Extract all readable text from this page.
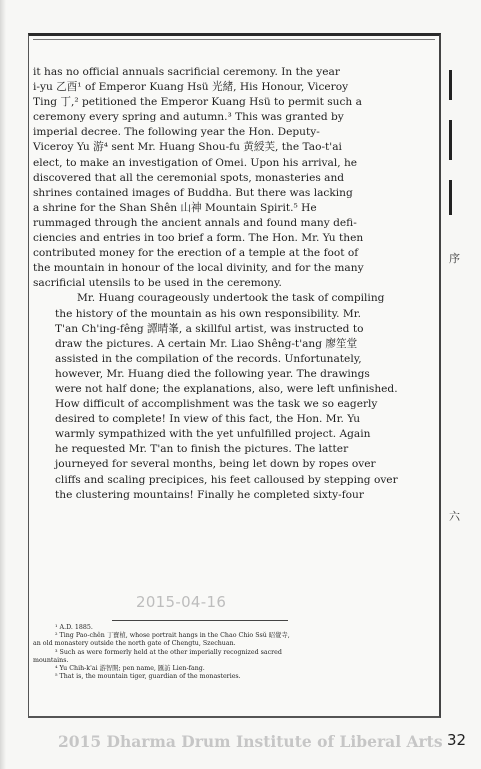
it has no official annuals sacrificial ceremony. In the year
i-yu 乙酉¹ of Emperor Kuang Hsü 光緒, His Honour, Viceroy
Ting 丁,² petitioned the Emperor Kuang Hsü to permit such a
ceremony every spring and autumn.³ This was granted by
imperial decree. The following year the Hon. Deputy-
Viceroy Yu 游⁴ sent Mr. Huang Shou-fu 黄綬芙, the Tao-t'ai
elect, to make an investigation of Omei. Upon his arrival, he
discovered that all the ceremonial spots, monasteries and
shrines contained images of Buddha. But there was lacking
a shrine for the Shan Shên 山神 Mountain Spirit.⁵ He
rummaged through the ancient annals and found many defi-
ciencies and entries in too brief a form. The Hon. Mr. Yu then
contributed money for the erection of a temple at the foot of
the mountain in honour of the local divinity, and for the many
sacrificial utensils to be used in the ceremony.

Mr. Huang courageously undertook the task of compiling
the history of the mountain as his own responsibility. Mr.
T'an Ch'ing-fêng 譚晴峯, a skillful artist, was instructed to
draw the pictures. A certain Mr. Liao Shêng-t'ang 廖笙堂
assisted in the compilation of the records. Unfortunately,
however, Mr. Huang died the following year. The drawings
were not half done; the explanations, also, were left unfinished.
How difficult of accomplishment was the task we so eagerly
desired to complete! In view of this fact, the Hon. Mr. Yu
warmly sympathized with the yet unfulfilled project. Again
he requested Mr. T'an to finish the pictures. The latter
journeyed for several months, being let down by ropes over
cliffs and scaling precipices, his feet calloused by stepping over
the clustering mountains! Finally he completed sixty-four

2015-04-16
¹ A.D. 1885.
² Ting Pao-chên 丁寶楨, whose portrait hangs in the Chao Chio Ssŭ 昭覺寺,
an old monastery outside the north gate of Chengtu, Szechuan.
³ Such as were formerly held at the other imperially recognized sacred
mountains.
⁴ Yu Chih-k'ai 游智開; pen name, 匯訪 Lien-fang.
⁵ That is, the mountain tiger, guardian of the monasteries.
序
六
2015 Dharma Drum Institute of Liberal Arts 32
